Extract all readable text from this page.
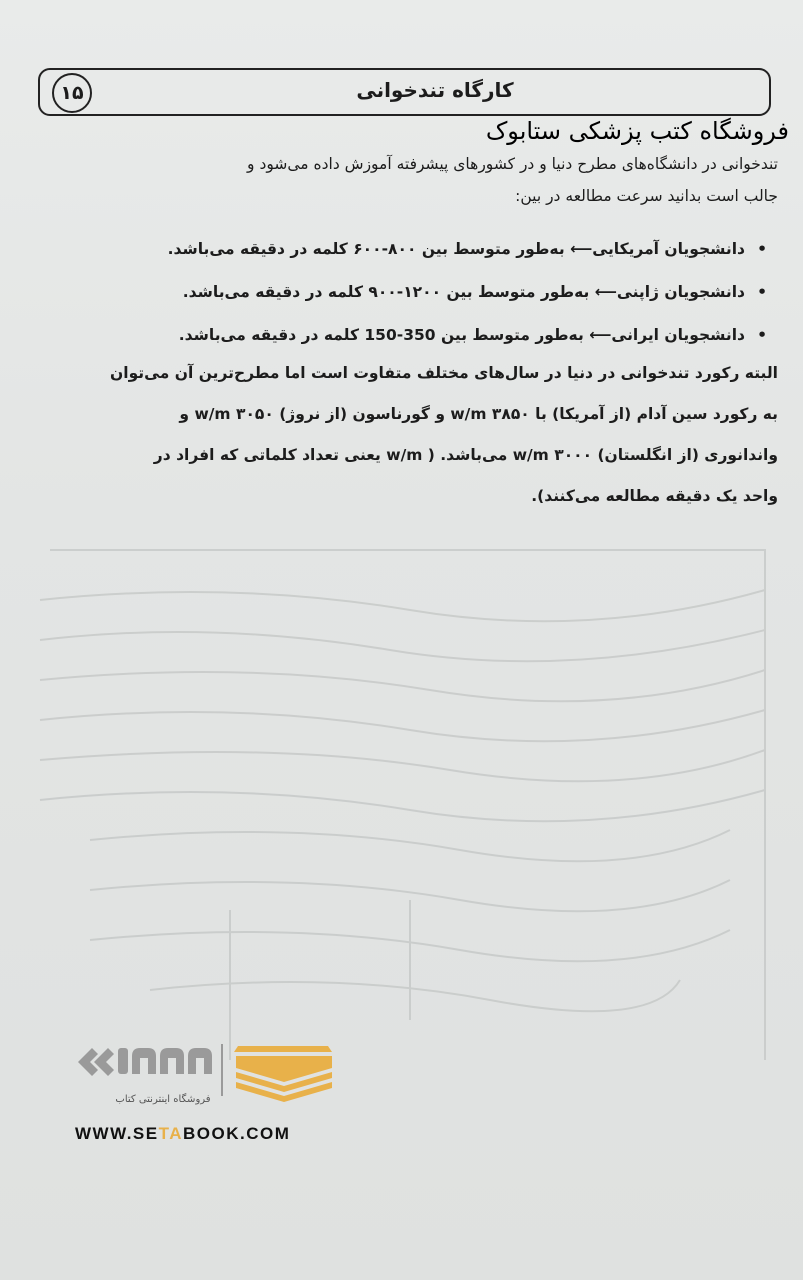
۱۵	کارگاه تندخوانی
فروشگاه کتب پزشکی ستابوک
تندخوانی در دانشگاه‌های مطرح دنیا و در کشورهای پیشرفته آموزش داده می‌شود و
جالب است بدانید سرعت مطالعه در بین:
•دانشجویان آمریکایی⟵ به‌طور متوسط بین ۸۰۰-۶۰۰ کلمه در دقیقه می‌باشد.
•دانشجویان ژاپنی⟵ به‌طور متوسط بین ۱۲۰۰-۹۰۰ کلمه در دقیقه می‌باشد.
•دانشجویان ایرانی⟵ به‌طور متوسط بین 350-150 کلمه در دقیقه می‌باشد.
البته رکورد تندخوانی در دنیا در سال‌های مختلف متفاوت است اما مطرح‌ترین آن می‌توان
به رکورد سین آدام (از آمریکا) با ۳۸۵۰ w/m و گورناسون (از نروژ) ۳۰۵۰ w/m و
واندانوری (از انگلستان) ۳۰۰۰ w/m می‌باشد. ( w/m یعنی تعداد کلماتی که افراد در
واحد یک دقیقه مطالعه می‌کنند).
فروشگاه اینترنتی کتاب
WWW.SETABOOK.COM
